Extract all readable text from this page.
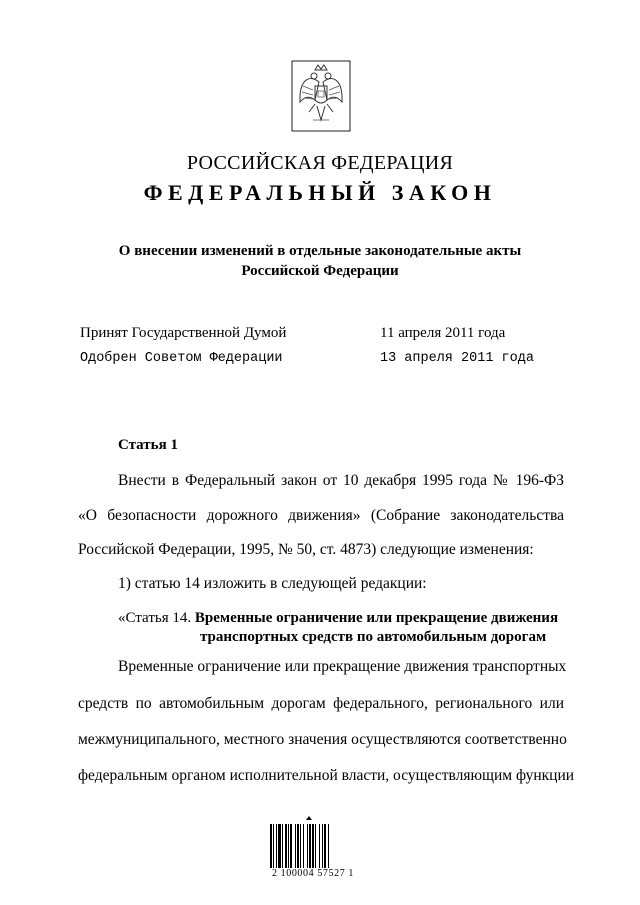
РОССИЙСКАЯ ФЕДЕРАЦИЯ
ФЕДЕРАЛЬНЫЙ ЗАКОН
О внесении изменений в отдельные законодательные акты
Российской Федерации
Принят Государственной Думой	11 апреля 2011 года
Одобрен Советом Федерации	13 апреля 2011 года
Статья 1
Внести в Федеральный закон от 10 декабря 1995 года № 196-ФЗ
«О безопасности дорожного движения» (Собрание законодательства
Российской Федерации, 1995, № 50, ст. 4873) следующие изменения:
1) статью 14 изложить в следующей редакции:
«Статья 14. Временные ограничение или прекращение движения
транспортных средств по автомобильным дорогам
Временные ограничение или прекращение движения транспортных
средств по автомобильным дорогам федерального, регионального или
межмуниципального, местного значения осуществляются соответственно
федеральным органом исполнительной власти, осуществляющим функции
2 100004 57527 1
